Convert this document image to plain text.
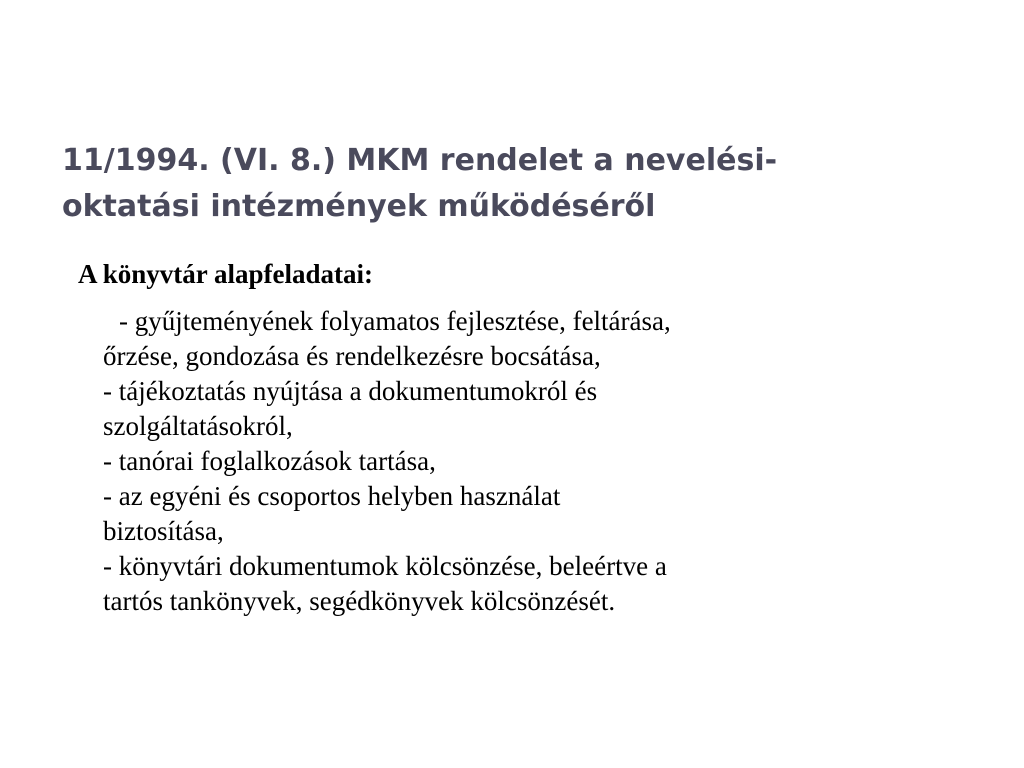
11/1994. (VI. 8.) MKM rendelet a nevelési-
oktatási intézmények működéséről

A könyvtár alapfeladatai:

- gyűjteményének folyamatos fejlesztése, feltárása,
őrzése, gondozása és rendelkezésre bocsátása,
- tájékoztatás nyújtása a dokumentumokról és
szolgáltatásokról,
- tanórai foglalkozások tartása,
- az egyéni és csoportos helyben használat
biztosítása,
- könyvtári dokumentumok kölcsönzése, beleértve a
tartós tankönyvek, segédkönyvek kölcsönzését.
